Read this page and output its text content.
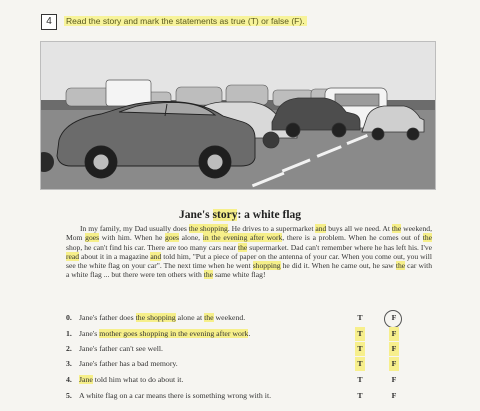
4	Read the story and mark the statements as true (T) or false (F).
Jane's story: a white flag

In my family, my Dad usually does the shopping. He drives to a supermarket and buys all we need. At the weekend, Mom goes with him. When he goes alone, in the evening after work, there is a problem. When he comes out of the shop, he can't find his car. There are too many cars near the supermarket. Dad can't remember where he has left his. I've read about it in a magazine and told him, "Put a piece of paper on the antenna of your car. When you come out, you will see the white flag on your car". The next time when he went shopping he did it. When he came out, he saw the car with a white flag ... but there were ten others with the same white flag!

0. Jane's father does the shopping alone at the weekend.	T	F
1. Jane's mother goes shopping in the evening after work.	T	F
2. Jane's father can't see well.	T	F
3. Jane's father has a bad memory.	T	F
4. Jane told him what to do about it.	T	F
5. A white flag on a car means there is something wrong with it.	T	F
